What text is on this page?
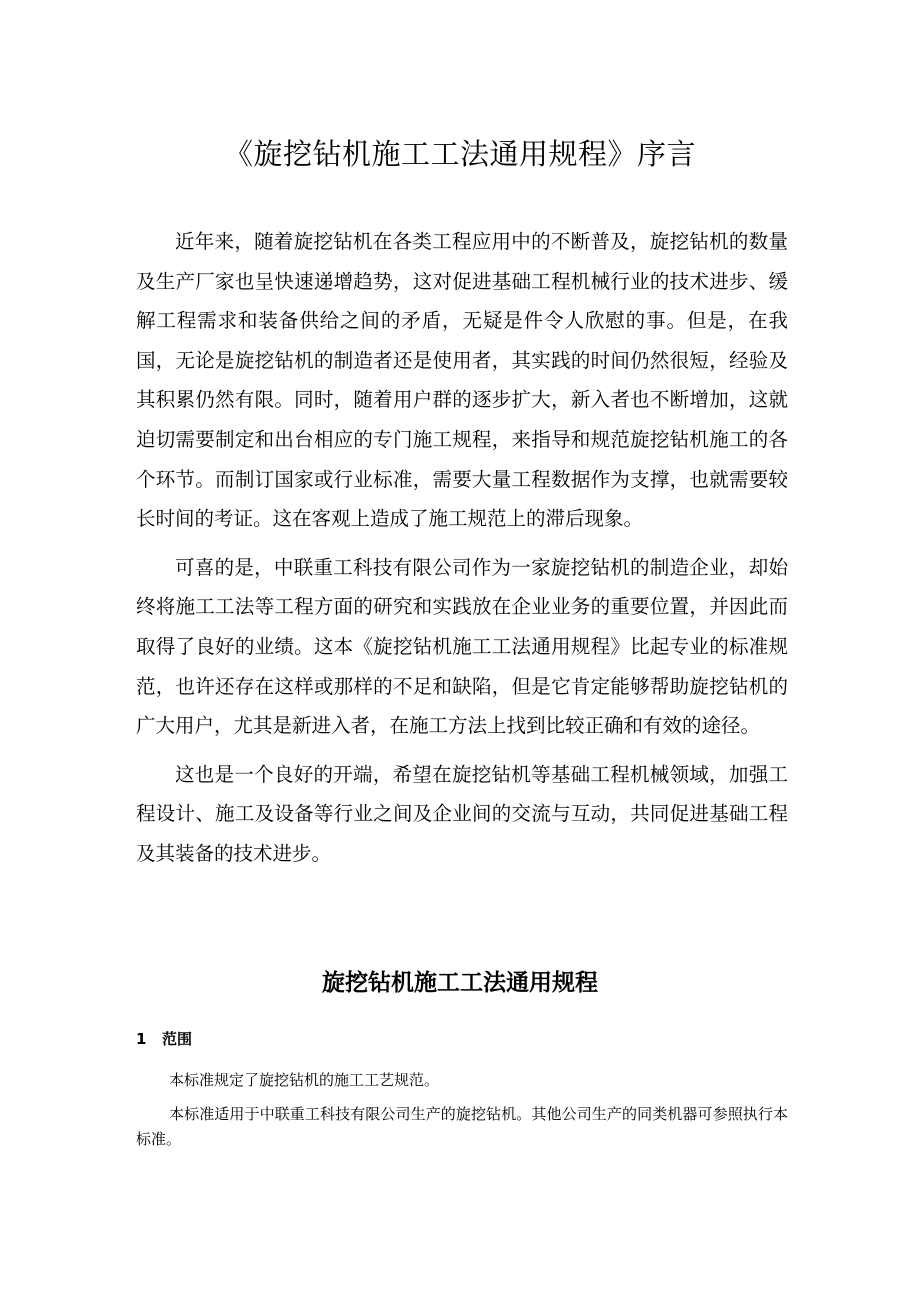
《旋挖钻机施工工法通用规程》序言

近年来，随着旋挖钻机在各类工程应用中的不断普及，旋挖钻机的数量及生产厂家也呈快速递增趋势，这对促进基础工程机械行业的技术进步、缓解工程需求和装备供给之间的矛盾，无疑是件令人欣慰的事。但是，在我国，无论是旋挖钻机的制造者还是使用者，其实践的时间仍然很短，经验及其积累仍然有限。同时，随着用户群的逐步扩大，新入者也不断增加，这就迫切需要制定和出台相应的专门施工规程，来指导和规范旋挖钻机施工的各个环节。而制订国家或行业标准，需要大量工程数据作为支撑，也就需要较长时间的考证。这在客观上造成了施工规范上的滞后现象。

可喜的是，中联重工科技有限公司作为一家旋挖钻机的制造企业，却始终将施工工法等工程方面的研究和实践放在企业业务的重要位置，并因此而取得了良好的业绩。这本《旋挖钻机施工工法通用规程》比起专业的标准规范，也许还存在这样或那样的不足和缺陷，但是它肯定能够帮助旋挖钻机的广大用户，尤其是新进入者，在施工方法上找到比较正确和有效的途径。

这也是一个良好的开端，希望在旋挖钻机等基础工程机械领域，加强工程设计、施工及设备等行业之间及企业间的交流与互动，共同促进基础工程及其装备的技术进步。

旋挖钻机施工工法通用规程
1 范围

本标准规定了旋挖钻机的施工工艺规范。

本标准适用于中联重工科技有限公司生产的旋挖钻机。其他公司生产的同类机器可参照执行本标准。
